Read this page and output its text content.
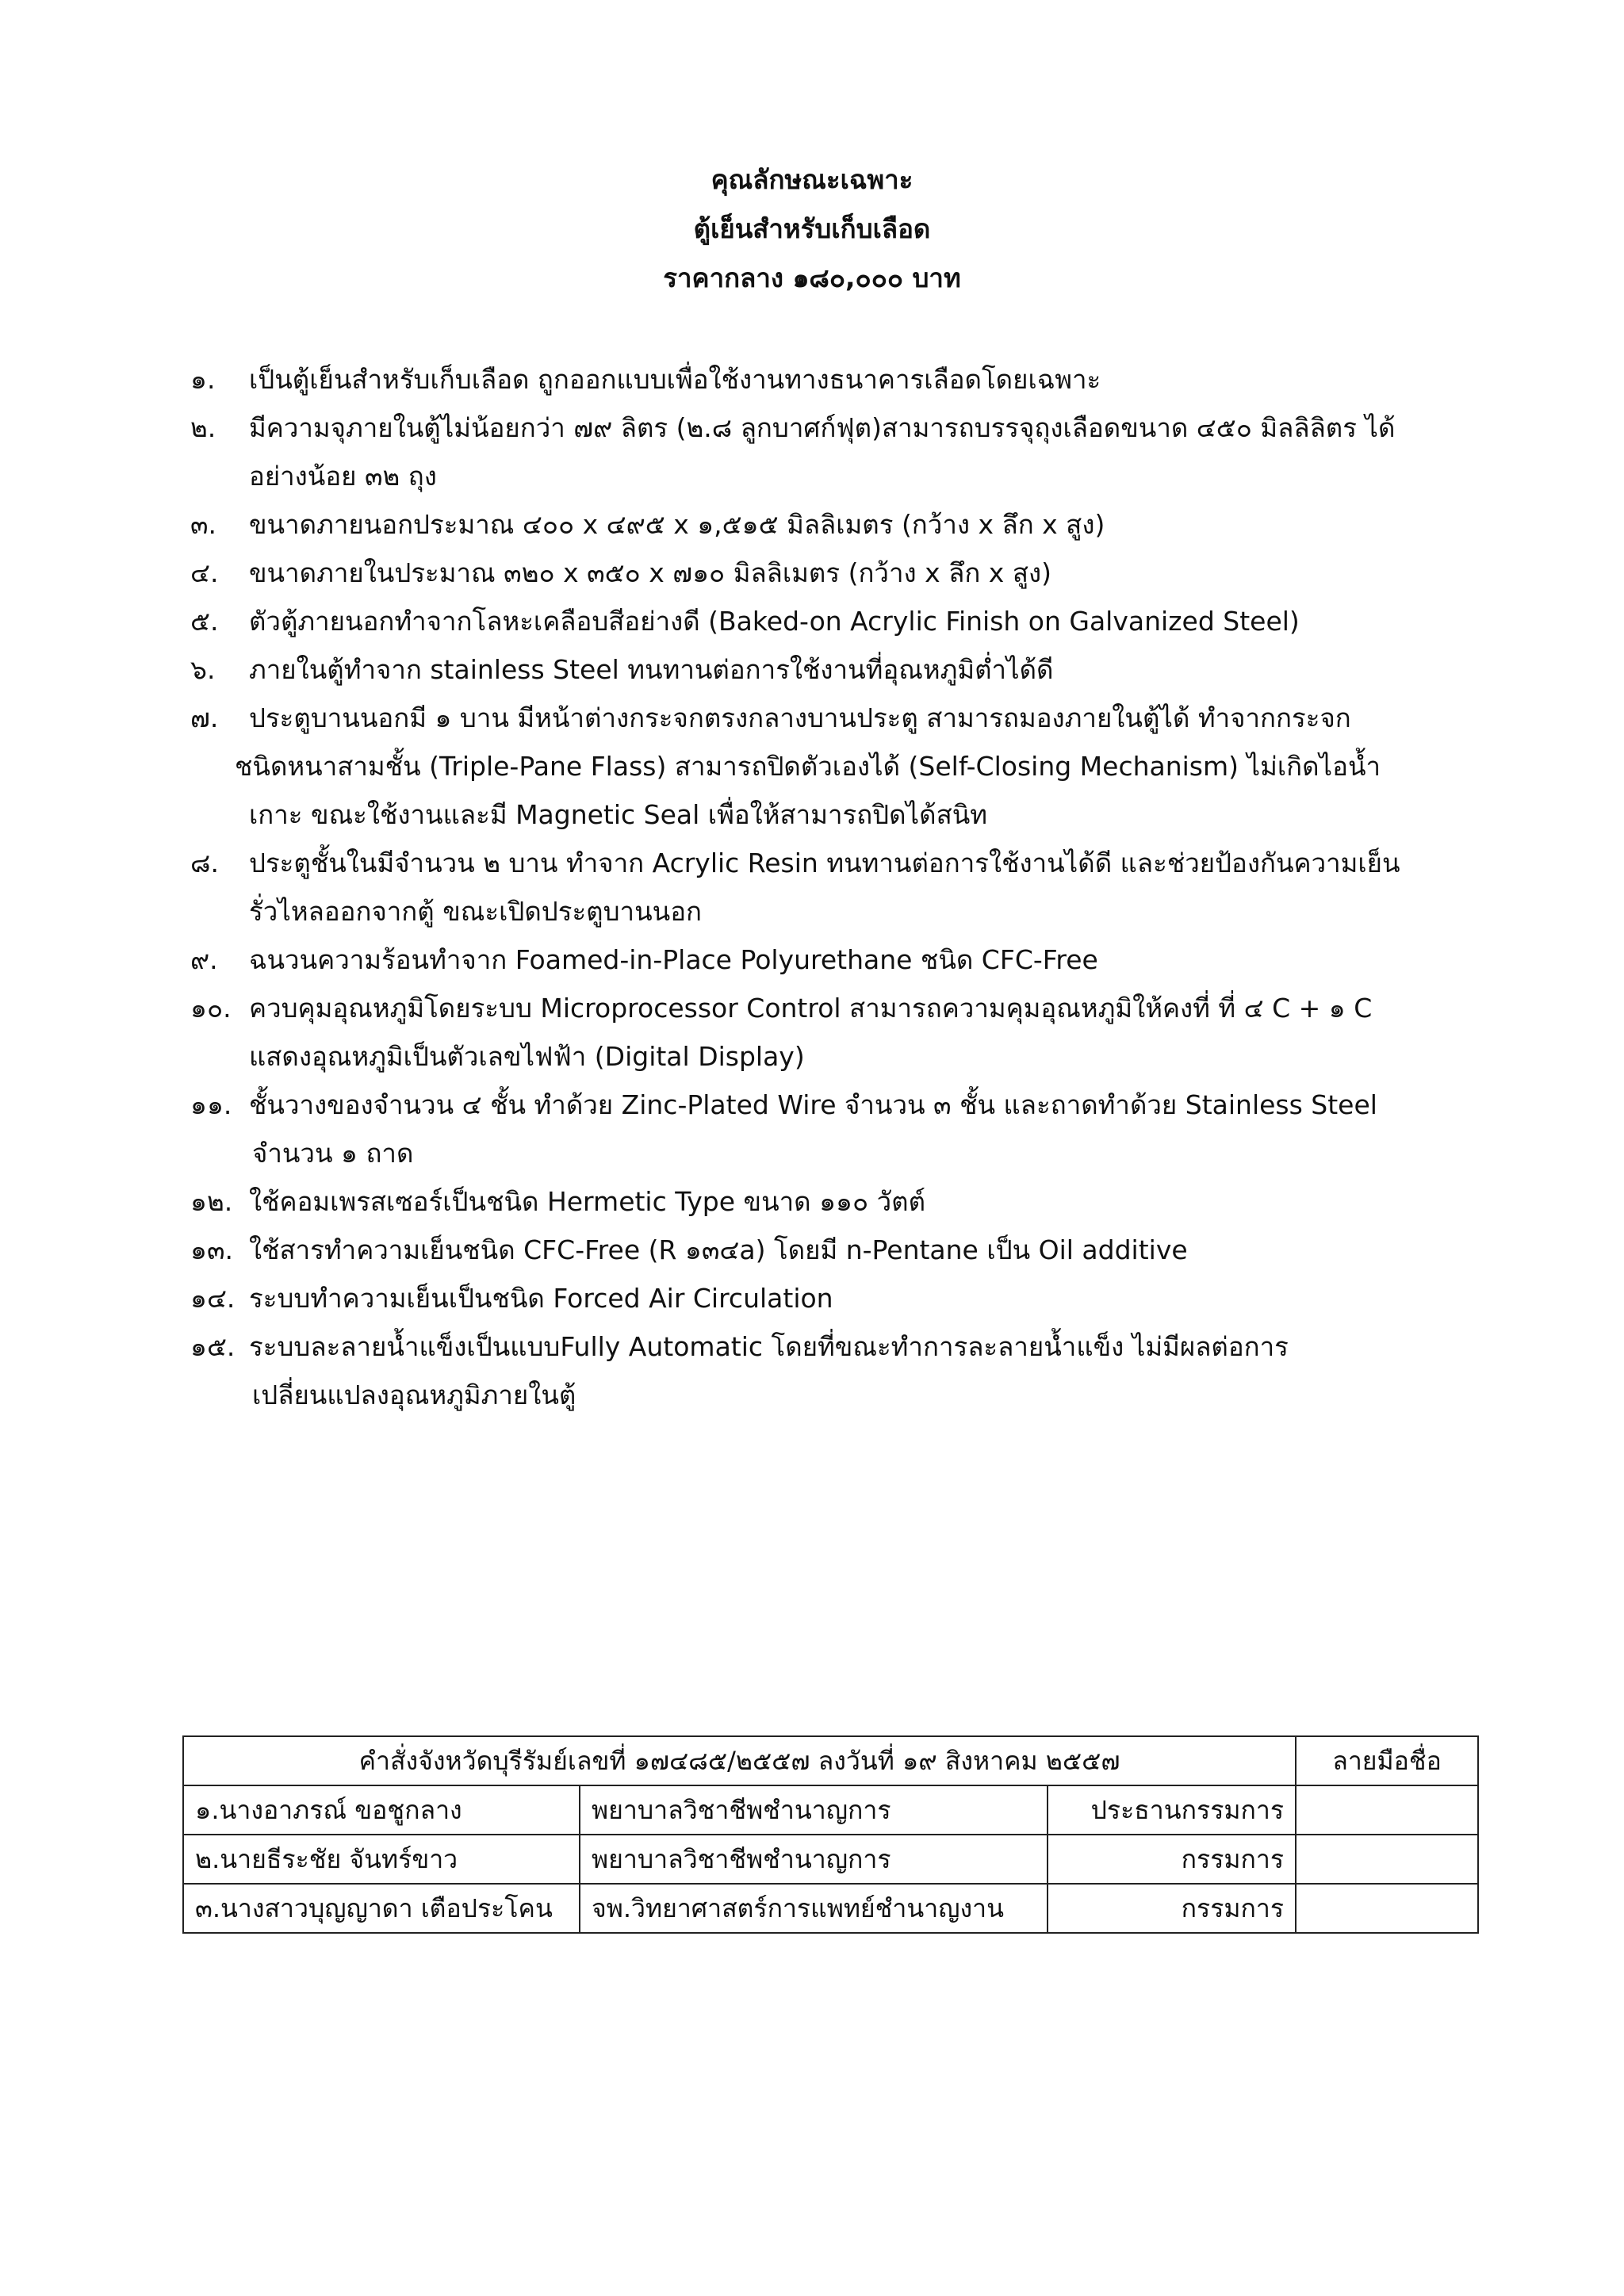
คุณลักษณะเฉพาะ
ตู้เย็นสำหรับเก็บเลือด
ราคากลาง ๑๘๐,๐๐๐ บาท
๑. เป็นตู้เย็นสำหรับเก็บเลือด ถูกออกแบบเพื่อใช้งานทางธนาคารเลือดโดยเฉพาะ
๒. มีความจุภายในตู้ไม่น้อยกว่า ๗๙ ลิตร (๒.๘ ลูกบาศก์ฟุต)สามารถบรรจุถุงเลือดขนาด ๔๕๐ มิลลิลิตร ได้
อย่างน้อย ๓๒ ถุง
๓. ขนาดภายนอกประมาณ ๔๐๐ x ๔๙๕ x ๑,๕๑๕ มิลลิเมตร (กว้าง x ลึก x สูง)
๔. ขนาดภายในประมาณ ๓๒๐ x ๓๕๐ x ๗๑๐ มิลลิเมตร (กว้าง x ลึก x สูง)
๕. ตัวตู้ภายนอกทำจากโลหะเคลือบสีอย่างดี (Baked-on Acrylic Finish on Galvanized Steel)
๖. ภายในตู้ทำจาก stainless Steel ทนทานต่อการใช้งานที่อุณหภูมิต่ำได้ดี
๗. ประตูบานนอกมี ๑ บาน มีหน้าต่างกระจกตรงกลางบานประตู สามารถมองภายในตู้ได้ ทำจากกระจก
ชนิดหนาสามชั้น (Triple-Pane Flass) สามารถปิดตัวเองได้ (Self-Closing Mechanism) ไม่เกิดไอน้ำ
เกาะ ขณะใช้งานและมี Magnetic Seal เพื่อให้สามารถปิดได้สนิท
๘. ประตูชั้นในมีจำนวน ๒ บาน ทำจาก Acrylic Resin ทนทานต่อการใช้งานได้ดี และช่วยป้องกันความเย็น
รั่วไหลออกจากตู้ ขณะเปิดประตูบานนอก
๙. ฉนวนความร้อนทำจาก Foamed-in-Place Polyurethane ชนิด CFC-Free
๑๐. ควบคุมอุณหภูมิโดยระบบ Microprocessor Control สามารถความคุมอุณหภูมิให้คงที่ ที่ ๔ C + ๑ C
แสดงอุณหภูมิเป็นตัวเลขไฟฟ้า (Digital Display)
๑๑. ชั้นวางของจำนวน ๔ ชั้น ทำด้วย Zinc-Plated Wire จำนวน ๓ ชั้น และถาดทำด้วย Stainless Steel
จำนวน ๑ ถาด
๑๒. ใช้คอมเพรสเซอร์เป็นชนิด Hermetic Type ขนาด ๑๑๐ วัตต์
๑๓. ใช้สารทำความเย็นชนิด CFC-Free (R ๑๓๔a) โดยมี n-Pentane เป็น Oil additive
๑๔. ระบบทำความเย็นเป็นชนิด Forced Air Circulation
๑๕. ระบบละลายน้ำแข็งเป็นแบบFully Automatic โดยที่ขณะทำการละลายน้ำแข็ง ไม่มีผลต่อการ
เปลี่ยนแปลงอุณหภูมิภายในตู้
คำสั่งจังหวัดบุรีรัมย์เลขที่ ๑๗๔๘๕/๒๕๕๗ ลงวันที่ ๑๙ สิงหาคม ๒๕๕๗			ลายมือชื่อ
๑.นางอาภรณ์ ขอชูกลาง	พยาบาลวิชาชีพชำนาญการ	ประธานกรรมการ	
๒.นายธีระชัย จันทร์ขาว	พยาบาลวิชาชีพชำนาญการ	กรรมการ	
๓.นางสาวบุญญาดา เตือประโคน	จพ.วิทยาศาสตร์การแพทย์ชำนาญงาน	กรรมการ	
